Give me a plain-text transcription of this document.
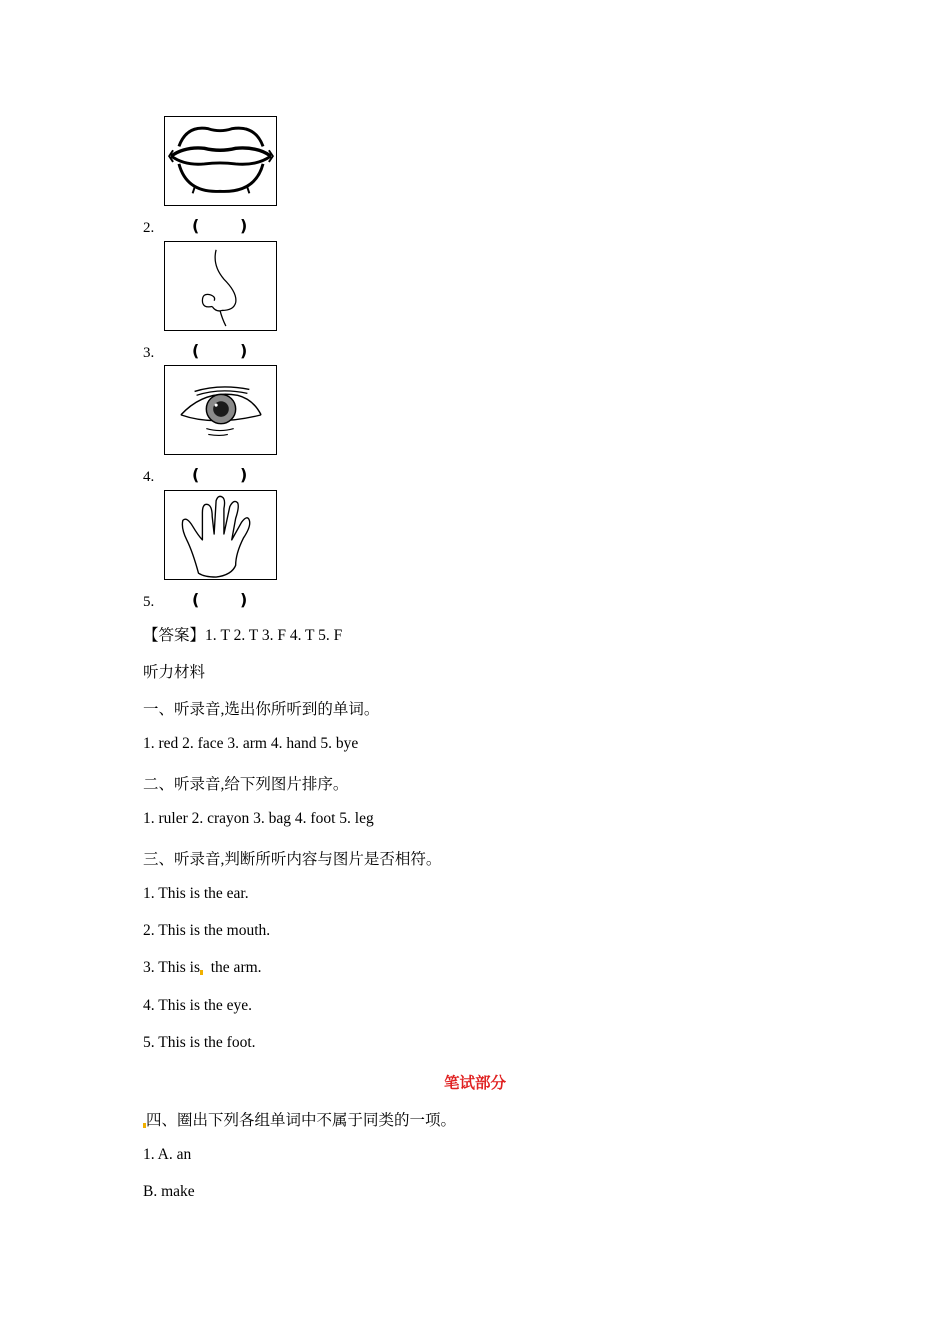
2. (	)
3. (	)
4. (	)
5. (	)
【答案】1. T 2. T 3. F 4. T 5. F
听力材料
一、听录音,选出你所听到的单词。
1. red 2. face 3. arm 4. hand 5. bye
二、听录音,给下列图片排序。
1. ruler 2. crayon 3. bag 4. foot 5. leg
三、听录音,判断所听内容与图片是否相符。
1. This is the ear.
2. This is the mouth.
3. This is the arm.
4. This is the eye.
5. This is the foot.
笔试部分
四、圈出下列各组单词中不属于同类的一项。
1. A. an
B. make
